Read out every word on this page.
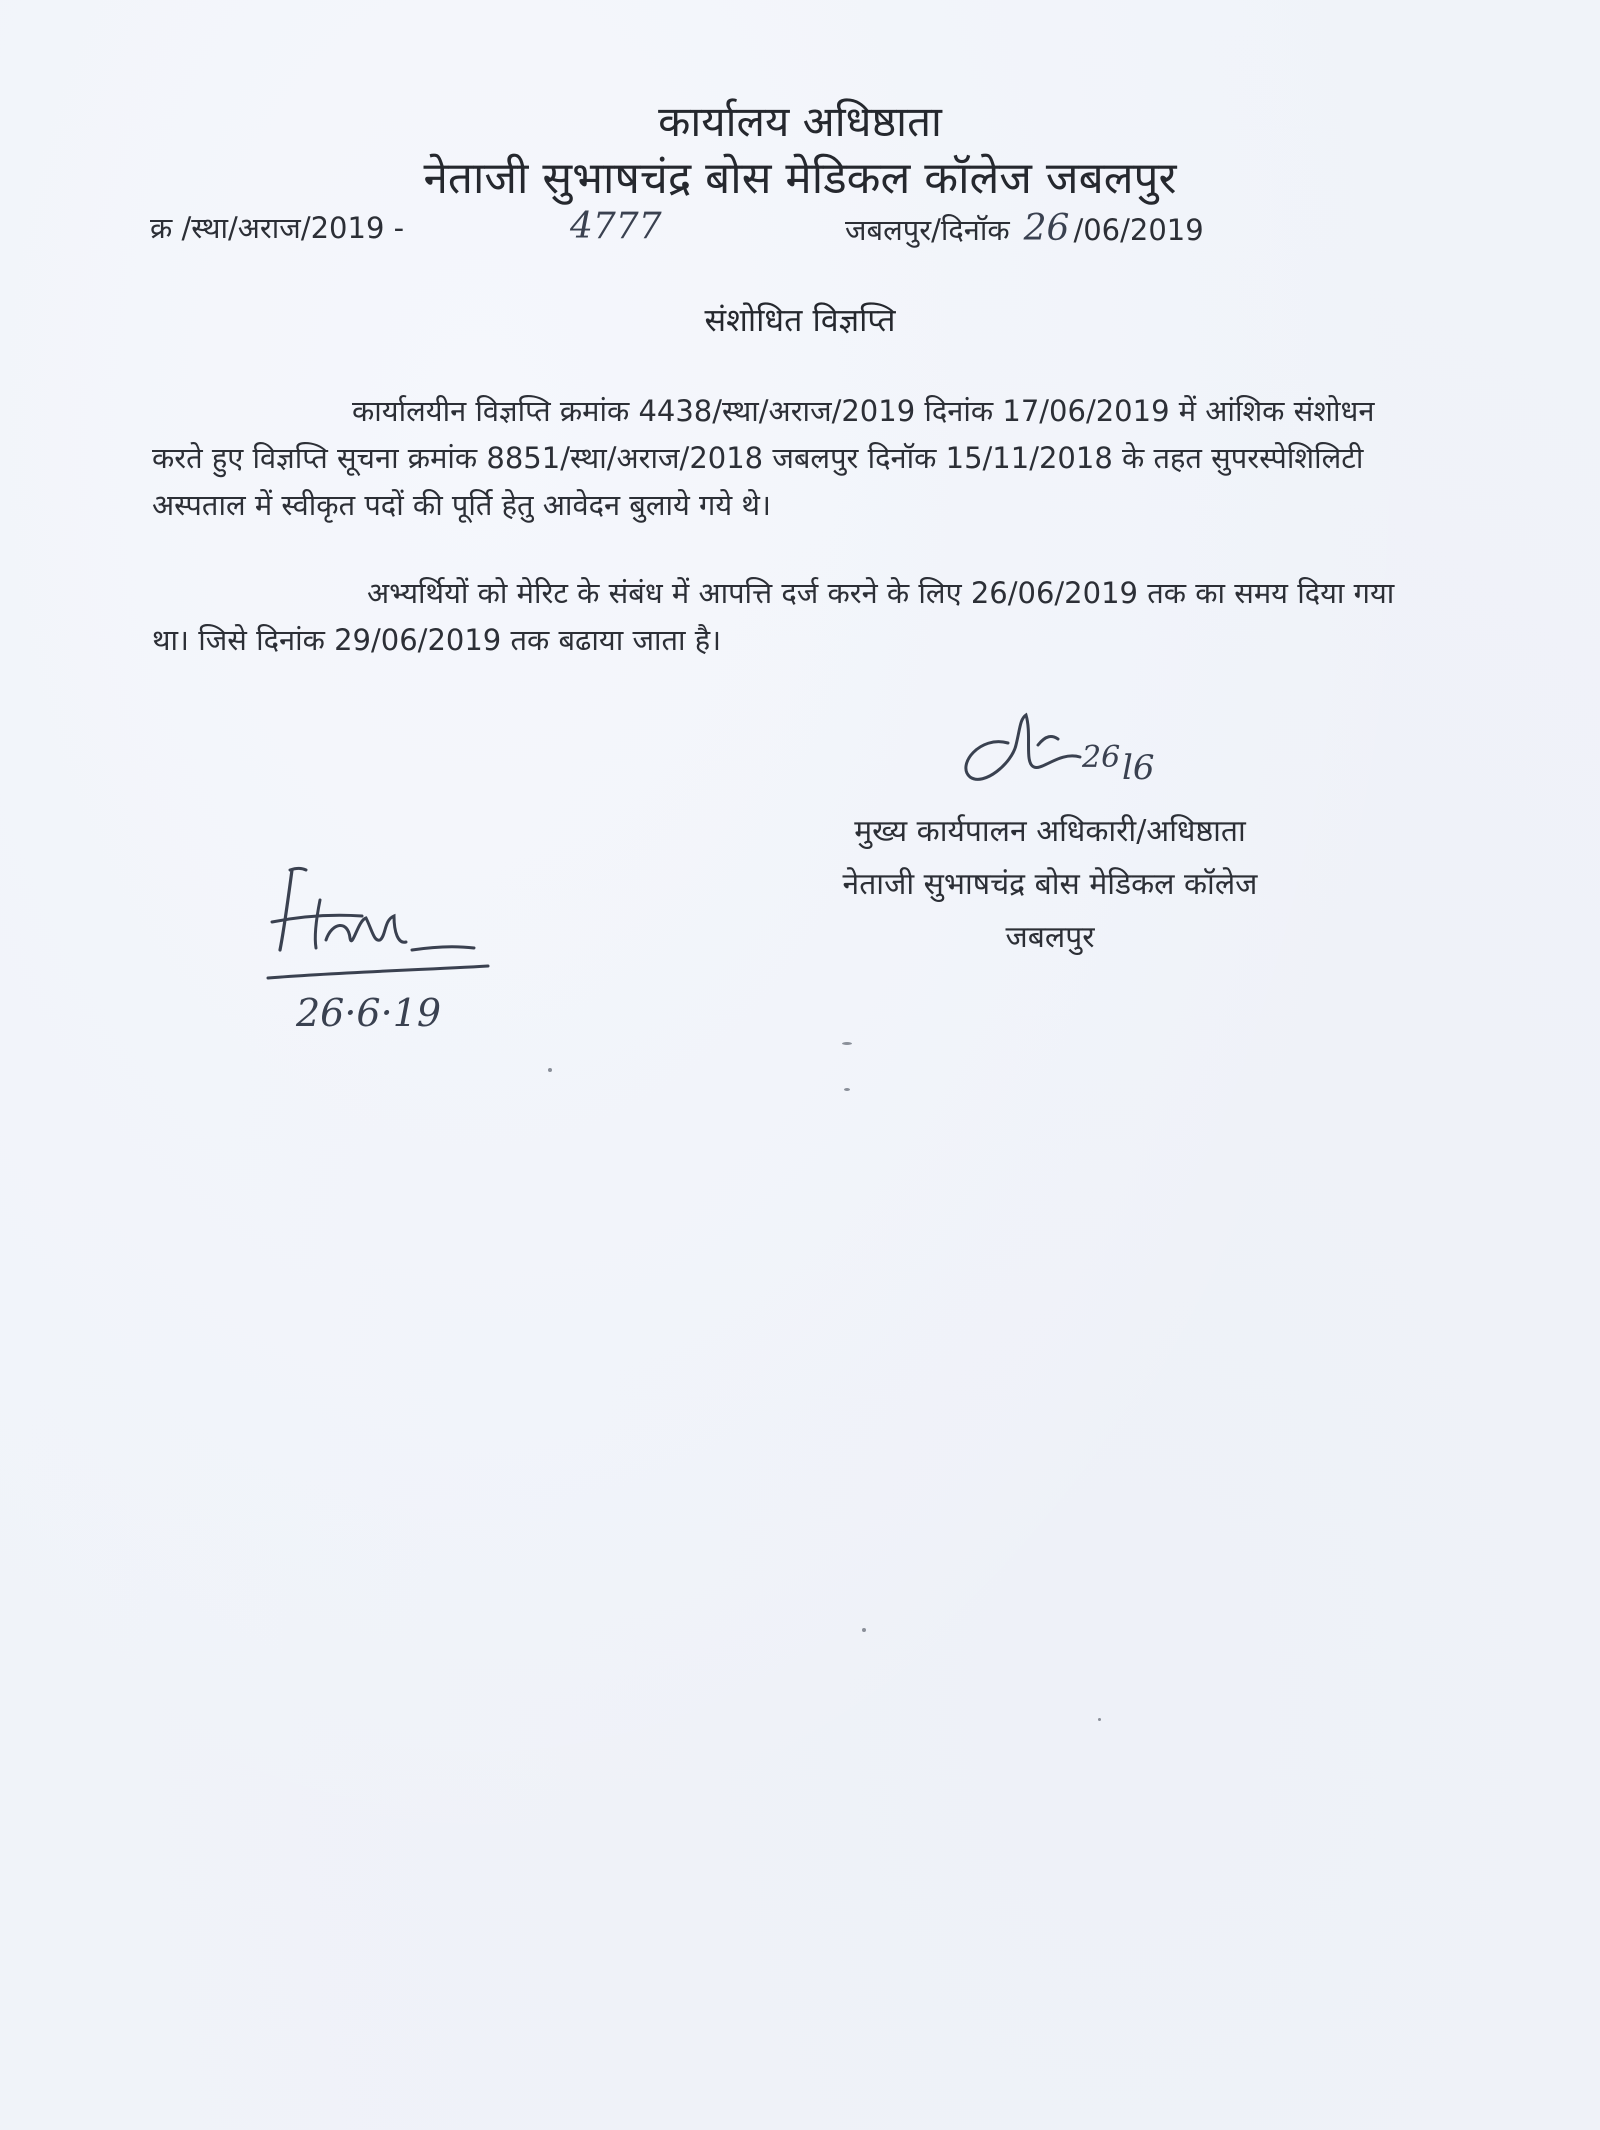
कार्यालय अधिष्ठाता
नेताजी सुभाषचंद्र बोस मेडिकल कॉलेज जबलपुर
क्र /स्था/अराज/2019 -	4777	जबलपुर/दिनॉक 26 /06/2019
संशोधित विज्ञप्ति

कार्यालयीन विज्ञप्ति क्रमांक 4438/स्था/अराज/2019 दिनांक 17/06/2019 में आंशिक संशोधन करते हुए विज्ञप्ति सूचना क्रमांक 8851/स्था/अराज/2018 जबलपुर दिनॉक 15/11/2018 के तहत सुपरस्पेशिलिटी अस्पताल में स्वीकृत पदों की पूर्ति हेतु आवेदन बुलाये गये थे।

अभ्यर्थियों को मेरिट के संबंध में आपत्ति दर्ज करने के लिए 26/06/2019 तक का समय दिया गया था। जिसे दिनांक 29/06/2019 तक बढाया जाता है।

26 l6
मुख्य कार्यपालन अधिकारी/अधिष्ठाता
नेताजी सुभाषचंद्र बोस मेडिकल कॉलेज
जबलपुर
26·6·19
